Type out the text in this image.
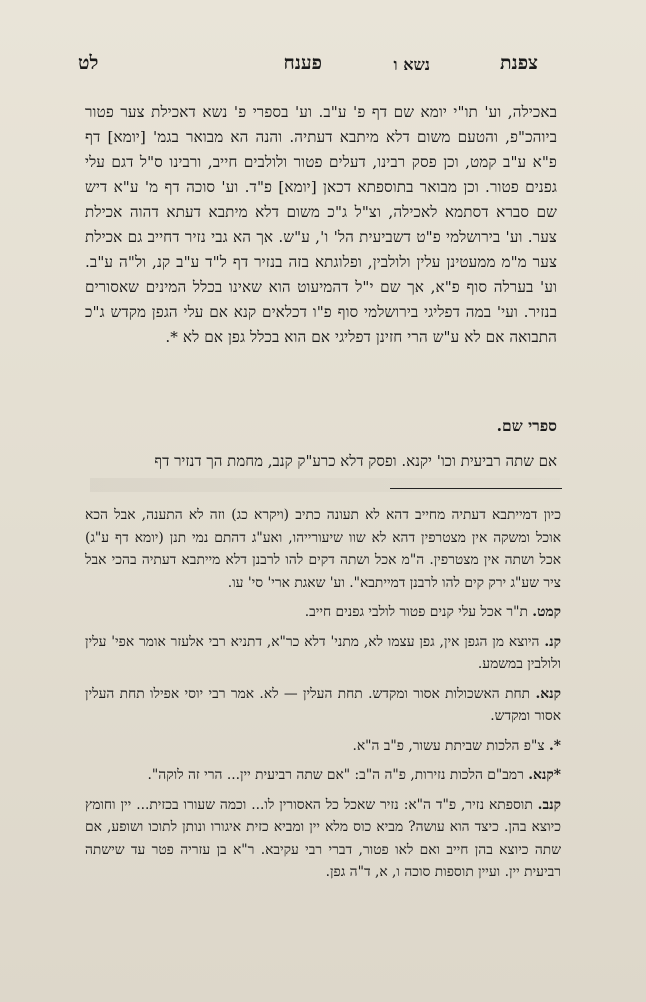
צפנת
נשא ו
פענח
לט
באכילה, וע' תו"י יומא שם דף פ' ע"ב. וע' בספרי פ' נשא דאכילת צער פטור ביוהכ"פ, והטעם משום דלא מיתבא דעתיה. והנה הא מבואר בגמ' [יומא] דף פ"א ע"ב קמט, וכן פסק רבינו, דעלים פטור ולולבים חייב, ורבינו ס"ל דגם עלי גפנים פטור. וכן מבואר בתוספתא דכאן [יומא] פ"ד. וע' סוכה דף מ' ע"א דיש שם סברא דסתמא לאכילה, וצ"ל ג"כ משום דלא מיתבא דעתא דהוה אכילת צער. וע' בירושלמי פ"ט דשביעית הל' ו', ע"ש. אך הא גבי נזיר דחייב גם אכילת צער מ"מ ממעטינן עלין ולולבין, ופלוגתא בזה בנזיר דף ל"ד ע"ב קנ, ול"ה ע"ב. וע' בערלה סוף פ"א, אך שם י"ל דהמיעוט הוא שאינו בכלל המינים שאסורים בנזיר. ועי' במה דפליגי בירושלמי סוף פ"ו דכלאים קנא אם עלי הגפן מקדש ג"כ התבואה אם לא ע"ש הרי חזינן דפליגי אם הוא בכלל גפן אם לא *.
ספרי שם.
אם שתה רביעית וכו' יקנא. ופסק דלא כרע"ק קנב, מחמת הך דנזיר דף

כיון דמייתבא דעתיה מחייב דהא לא תעונה כתיב (ויקרא כג) וזה לא התענה, אבל הכא אוכל ומשקה אין מצטרפין דהא לא שוו שיעורייהו, ואע"ג דהתם נמי תנן (יומא דף ע"ג) אכל ושתה אין מצטרפין. ה"מ אכל ושתה דקים להו לרבנן דלא מייתבא דעתיה בהכי אבל ציר שע"ג ירק קים להו לרבנן דמייתבא". וע' שאגת ארי' סי' עו.

קמט. ת"ר אכל עלי קנים פטור לולבי גפנים חייב.

קנ. היוצא מן הגפן אין, גפן עצמו לא, מתני' דלא כר"א, דתניא רבי אלעזר אומר אפי' עלין ולולבין במשמע.

קנא. תחת האשכולות אסור ומקדש. תחת העלין — לא. אמר רבי יוסי אפילו תחת העלין אסור ומקדש.

*. צ"פ הלכות שביתת עשור, פ"ב ה"א.

*קנא. רמב"ם הלכות נזירות, פ"ה ה"ב: "אם שתה רביעית יין... הרי זה לוקה".

קנב. תוספתא נזיר, פ"ד ה"א: נזיר שאכל כל האסורין לו... וכמה שעורו בכזית... יין וחומץ כיוצא בהן. כיצד הוא עושה? מביא כוס מלא יין ומביא כזית איגורו ונותן לתוכו ושופע, אם שתה כיוצא בהן חייב ואם לאו פטור, דברי רבי עקיבא. ר"א בן עזריה פטר עד שישתה רביעית יין. ועיין תוספות סוכה ו, א, ד"ה גפן.
